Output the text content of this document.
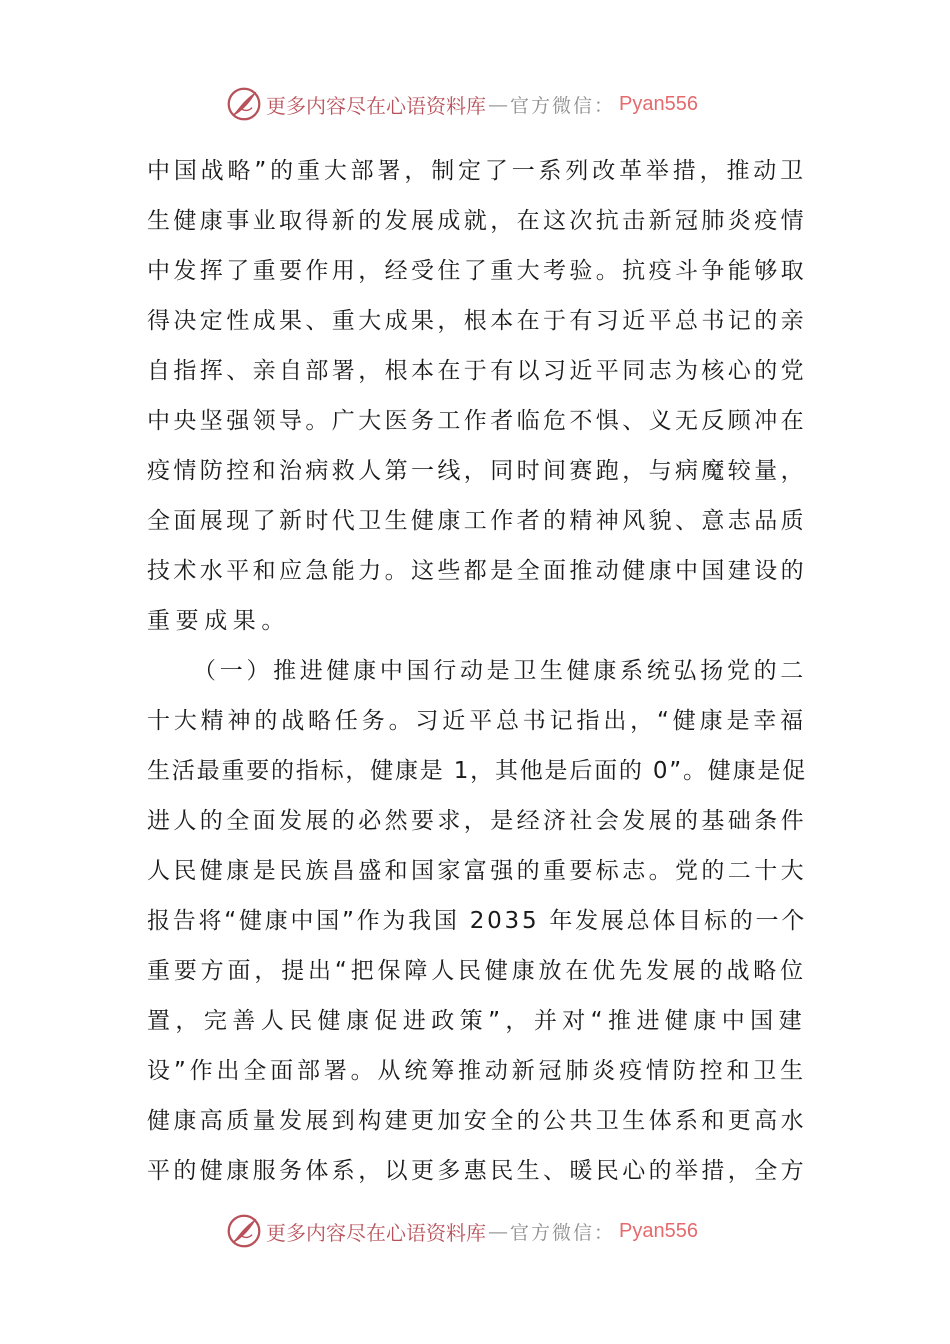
更多内容尽在心语资料库 — 官方微信： Pyan556
中国战略”的重大部署，制定了一系列改革举措，推动卫
生健康事业取得新的发展成就，在这次抗击新冠肺炎疫情
中发挥了重要作用，经受住了重大考验。抗疫斗争能够取
得决定性成果、重大成果，根本在于有习近平总书记的亲
自指挥、亲自部署，根本在于有以习近平同志为核心的党
中央坚强领导。广大医务工作者临危不惧、义无反顾冲在
疫情防控和治病救人第一线，同时间赛跑，与病魔较量，
全面展现了新时代卫生健康工作者的精神风貌、意志品质
技术水平和应急能力。这些都是全面推动健康中国建设的
重要成果。
（一）推进健康中国行动是卫生健康系统弘扬党的二
十大精神的战略任务。习近平总书记指出，“健康是幸福
生活最重要的指标，健康是 1，其他是后面的 0”。健康是促
进人的全面发展的必然要求，是经济社会发展的基础条件
人民健康是民族昌盛和国家富强的重要标志。党的二十大
报告将“健康中国”作为我国 2035 年发展总体目标的一个
重要方面，提出“把保障人民健康放在优先发展的战略位
置，完善人民健康促进政策”，并对“推进健康中国建
设”作出全面部署。从统筹推动新冠肺炎疫情防控和卫生
健康高质量发展到构建更加安全的公共卫生体系和更高水
平的健康服务体系，以更多惠民生、暖民心的举措，全方
更多内容尽在心语资料库 — 官方微信： Pyan556
